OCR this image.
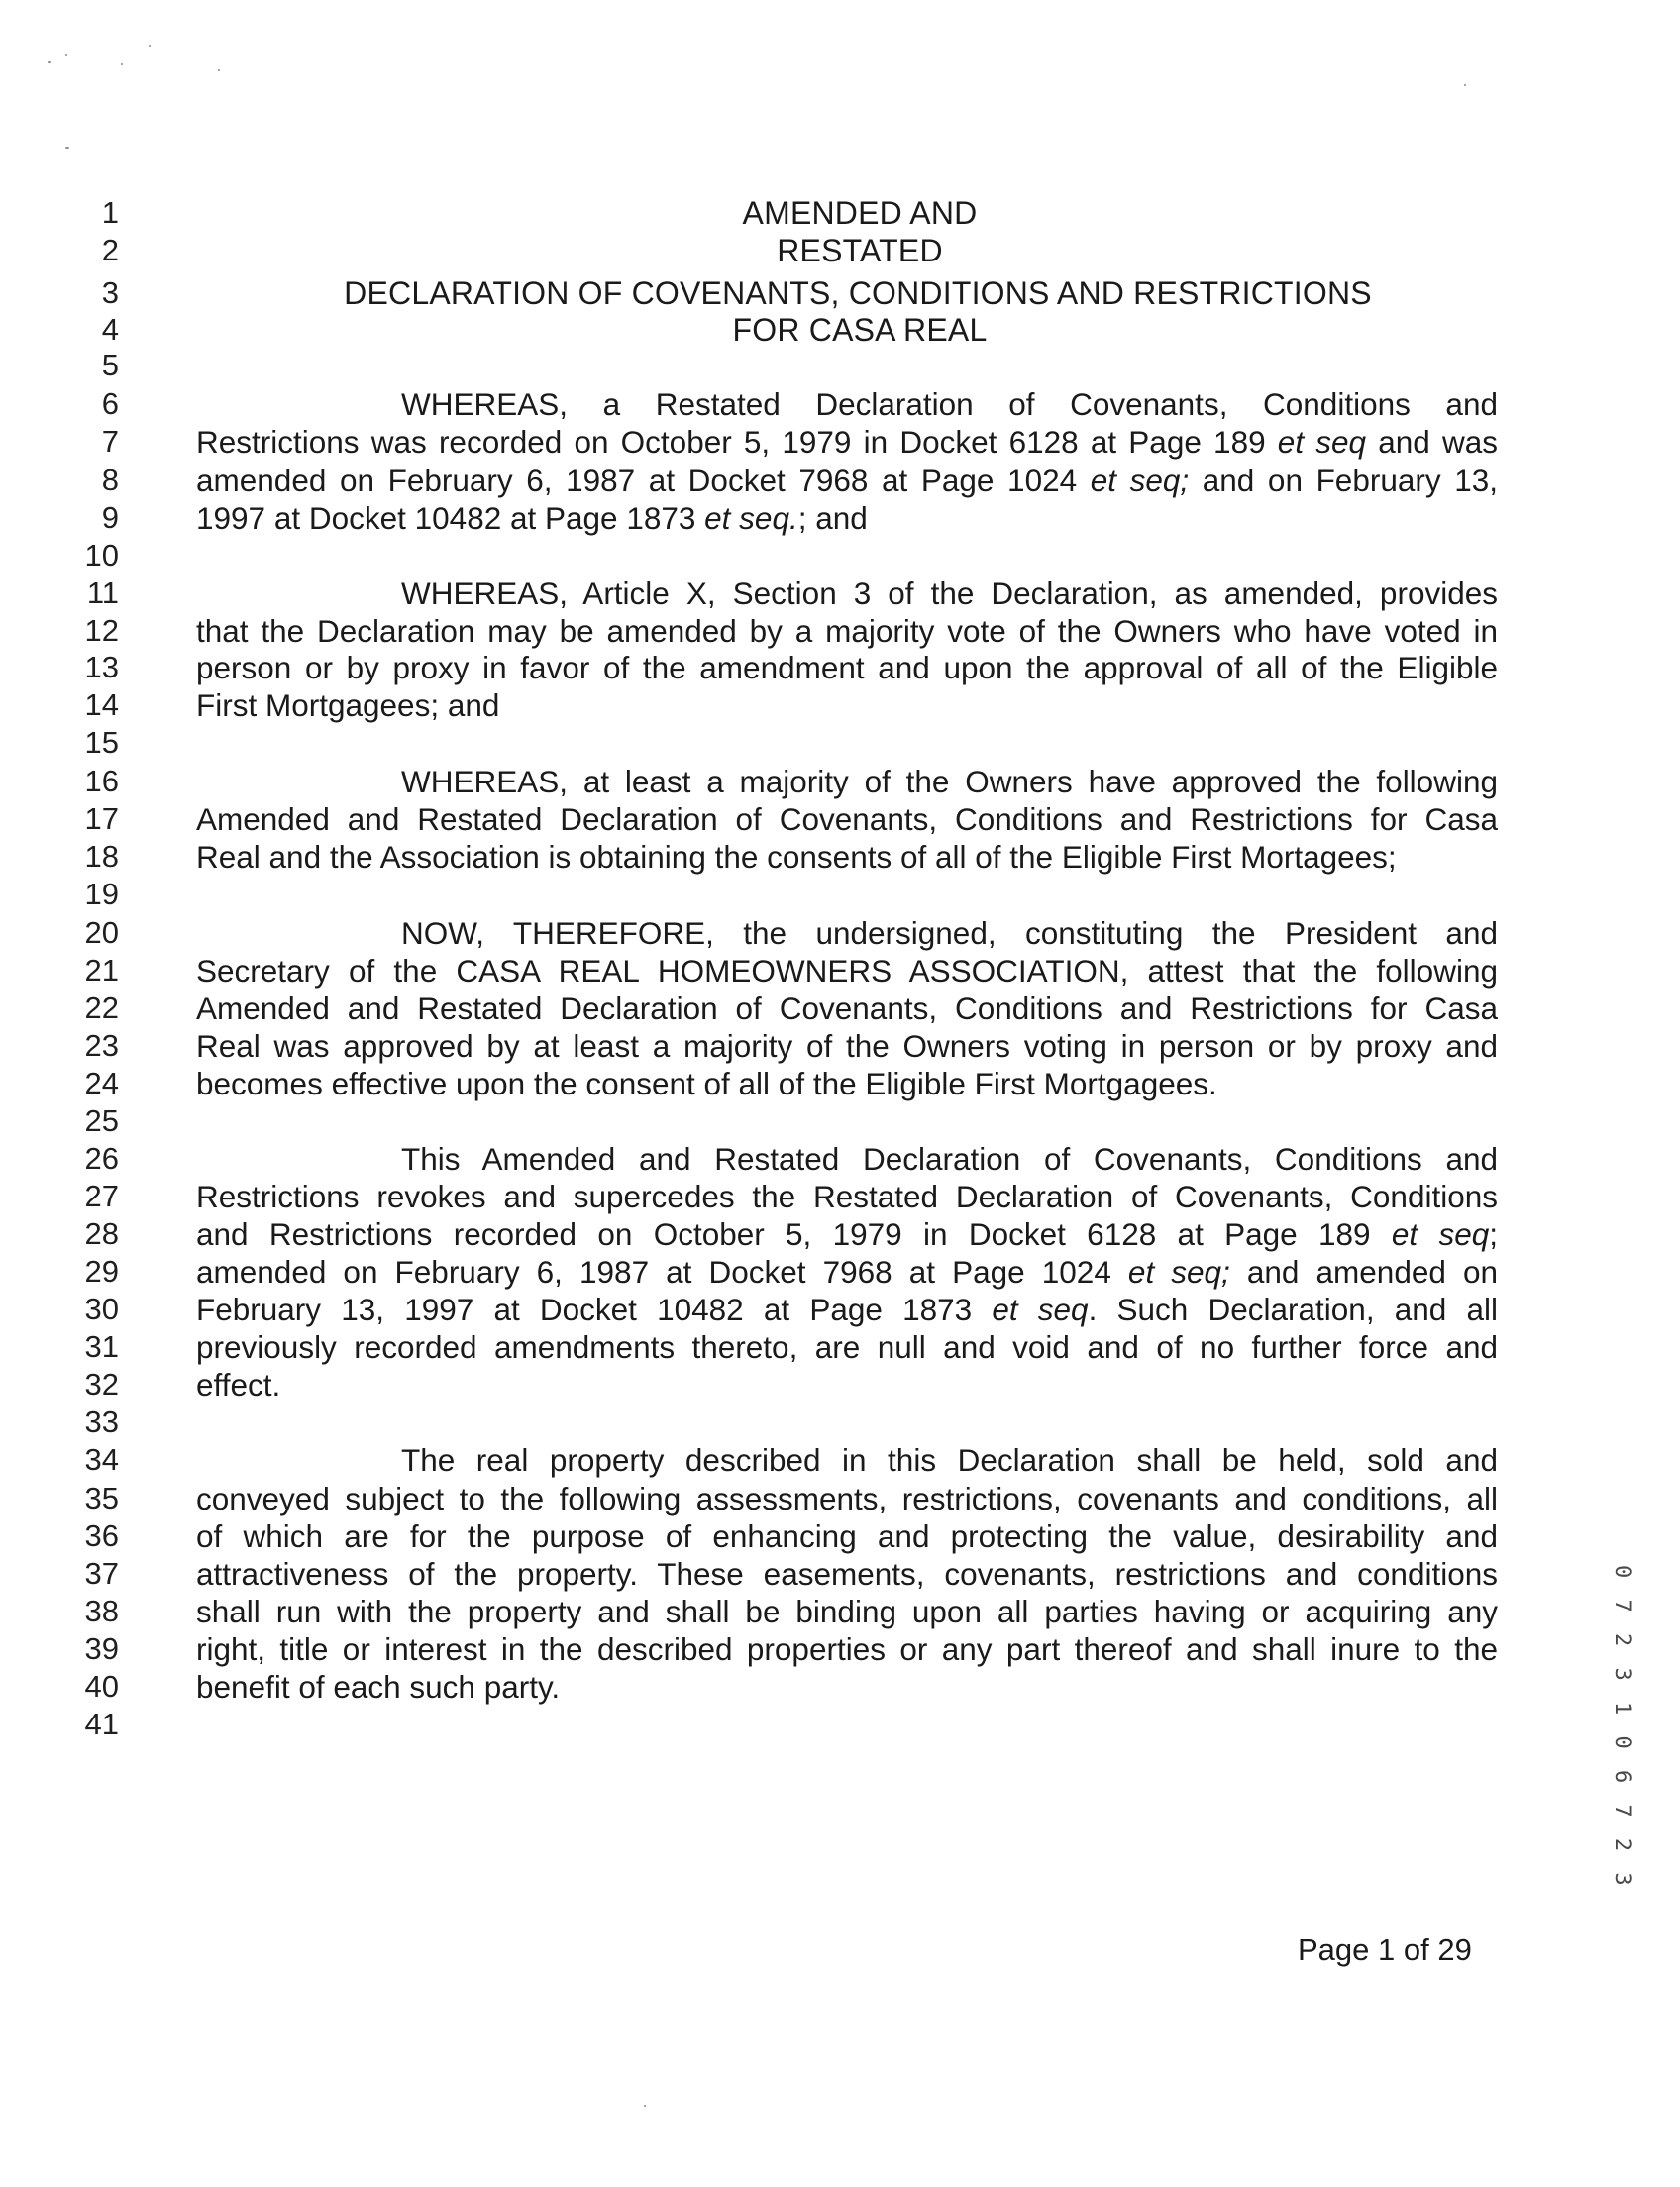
1
2
3
4
5
6
7
8
9
10
11
12
13
14
15
16
17
18
19
20
21
22
23
24
25
26
27
28
29
30
31
32
33
34
35
36
37
38
39
40
41
AMENDED AND
RESTATED
DECLARATION OF COVENANTS, CONDITIONS AND RESTRICTIONS
FOR CASA REAL
WHEREAS, a Restated Declaration of Covenants, Conditions and
Restrictions was recorded on October 5, 1979 in Docket 6128 at Page 189 et seq and was
amended on February 6, 1987 at Docket 7968 at Page 1024 et seq; and on February 13,
1997 at Docket 10482 at Page 1873 et seq.; and
WHEREAS, Article X, Section 3 of the Declaration, as amended, provides
that the Declaration may be amended by a majority vote of the Owners who have voted in
person or by proxy in favor of the amendment and upon the approval of all of the Eligible
First Mortgagees; and
WHEREAS, at least a majority of the Owners have approved the following
Amended and Restated Declaration of Covenants, Conditions and Restrictions for Casa
Real and the Association is obtaining the consents of all of the Eligible First Mortagees;
NOW, THEREFORE, the undersigned, constituting the President and
Secretary of the CASA REAL HOMEOWNERS ASSOCIATION, attest that the following
Amended and Restated Declaration of Covenants, Conditions and Restrictions for Casa
Real was approved by at least a majority of the Owners voting in person or by proxy and
becomes effective upon the consent of all of the Eligible First Mortgagees.
This Amended and Restated Declaration of Covenants, Conditions and
Restrictions revokes and supercedes the Restated Declaration of Covenants, Conditions
and Restrictions recorded on October 5, 1979 in Docket 6128 at Page 189 et seq;
amended on February 6, 1987 at Docket 7968 at Page 1024 et seq; and amended on
February 13, 1997 at Docket 10482 at Page 1873 et seq. Such Declaration, and all
previously recorded amendments thereto, are null and void and of no further force and
effect.
The real property described in this Declaration shall be held, sold and
conveyed subject to the following assessments, restrictions, covenants and conditions, all
of which are for the purpose of enhancing and protecting the value, desirability and
attractiveness of the property. These easements, covenants, restrictions and conditions
shall run with the property and shall be binding upon all parties having or acquiring any
right, title or interest in the described properties or any part thereof and shall inure to the
benefit of each such party.
Page 1 of 29
0 7 2 3 1 0 6 7 2 3
